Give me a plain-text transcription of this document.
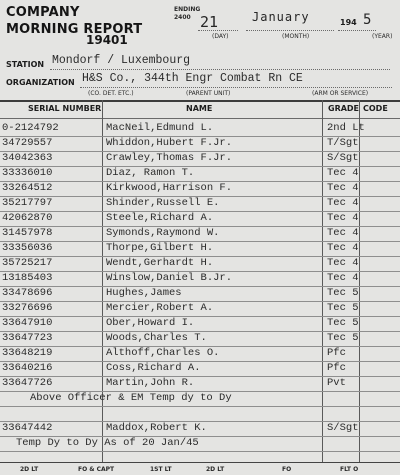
COMPANY
MORNING REPORT
19401
ENDING
2400 21	January	194 5
(DAY)	(MONTH)	(YEAR)
STATION Mondorf / Luxembourg
ORGANIZATION H&S Co., 344th Engr Combat Rn CE
(CO. DET. ETC.)	(PARENT UNIT)	(ARM OR SERVICE)
SERIAL NUMBER	NAME	GRADE CODE
0-2124792	MacNeil,Edmund L.	2nd Lt
34729557	Whiddon,Hubert F.Jr.	T/Sgt
34042363	Crawley,Thomas F.Jr.	S/Sgt
33336010	Diaz, Ramon T.	Tec 4
33264512	Kirkwood,Harrison F.	Tec 4
35217797	Shinder,Russell E.	Tec 4
42062870	Steele,Richard A.	Tec 4
31457978	Symonds,Raymond W.	Tec 4
33356036	Thorpe,Gilbert H.	Tec 4
35725217	Wendt,Gerhardt H.	Tec 4
13185403	Winslow,Daniel B.Jr.	Tec 4
33478696	Hughes,James	Tec 5
33276696	Mercier,Robert A.	Tec 5
33647910	Ober,Howard I.	Tec 5
33647723	Woods,Charles T.	Tec 5
33648219	Althoff,Charles O.	Pfc
33640216	Coss,Richard A.	Pfc
33647726	Martin,John R.	Pvt
Above Officer & EM Temp dy to Dy
33647442	Maddox,Robert K.	S/Sgt
Temp Dy to Dy As of 20 Jan/45
2D LT	FO & CAPT	1ST LT	2D LT	FO	FLT O
